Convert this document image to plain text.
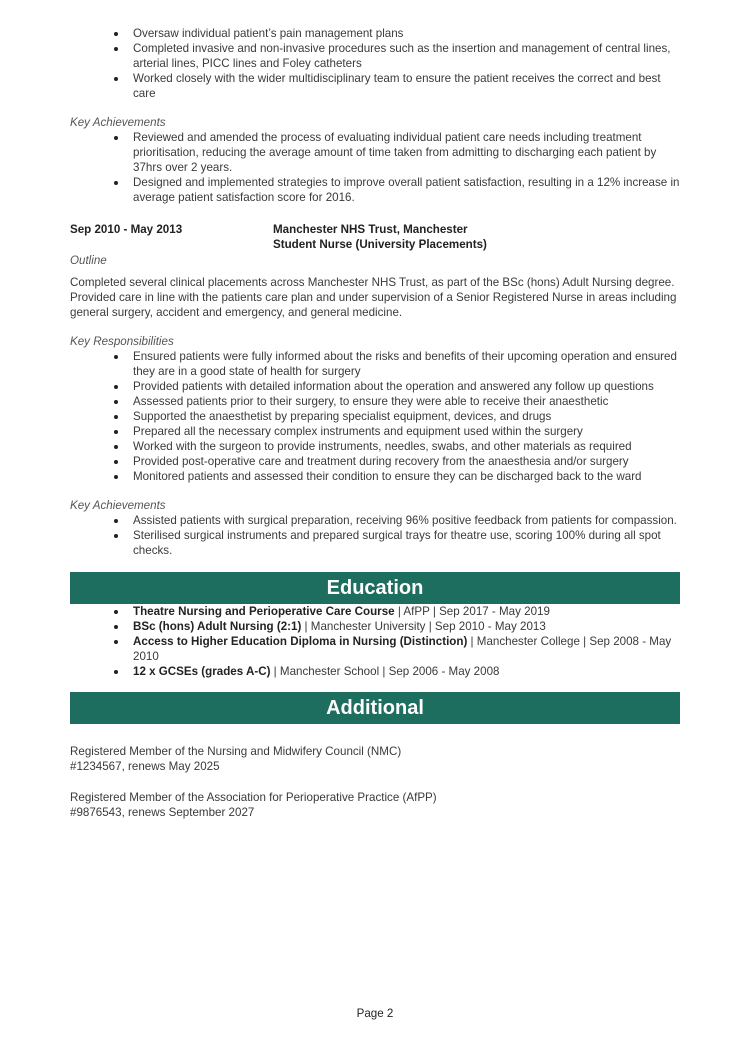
Oversaw individual patient’s pain management plans
Completed invasive and non-invasive procedures such as the insertion and management of central lines, arterial lines, PICC lines and Foley catheters
Worked closely with the wider multidisciplinary team to ensure the patient receives the correct and best care
Key Achievements
Reviewed and amended the process of evaluating individual patient care needs including treatment prioritisation, reducing the average amount of time taken from admitting to discharging each patient by 37hrs over 2 years.
Designed and implemented strategies to improve overall patient satisfaction, resulting in a 12% increase in average patient satisfaction score for 2016.
Sep 2010 - May 2013	Manchester NHS Trust, Manchester
Student Nurse (University Placements)
Outline

Completed several clinical placements across Manchester NHS Trust, as part of the BSc (hons) Adult Nursing degree. Provided care in line with the patients care plan and under supervision of a Senior Registered Nurse in areas including general surgery, accident and emergency, and general medicine.

Key Responsibilities
Ensured patients were fully informed about the risks and benefits of their upcoming operation and ensured they are in a good state of health for surgery
Provided patients with detailed information about the operation and answered any follow up questions
Assessed patients prior to their surgery, to ensure they were able to receive their anaesthetic
Supported the anaesthetist by preparing specialist equipment, devices, and drugs
Prepared all the necessary complex instruments and equipment used within the surgery
Worked with the surgeon to provide instruments, needles, swabs, and other materials as required
Provided post-operative care and treatment during recovery from the anaesthesia and/or surgery
Monitored patients and assessed their condition to ensure they can be discharged back to the ward
Key Achievements
Assisted patients with surgical preparation, receiving 96% positive feedback from patients for compassion.
Sterilised surgical instruments and prepared surgical trays for theatre use, scoring 100% during all spot checks.
Education
Theatre Nursing and Perioperative Care Course | AfPP | Sep 2017 - May 2019
BSc (hons) Adult Nursing (2:1) | Manchester University | Sep 2010 - May 2013
Access to Higher Education Diploma in Nursing (Distinction) | Manchester College | Sep 2008 - May 2010
12 x GCSEs (grades A-C) | Manchester School | Sep 2006 - May 2008
Additional
Registered Member of the Nursing and Midwifery Council (NMC)
#1234567, renews May 2025
Registered Member of the Association for Perioperative Practice (AfPP)
#9876543, renews September 2027
Page 2
